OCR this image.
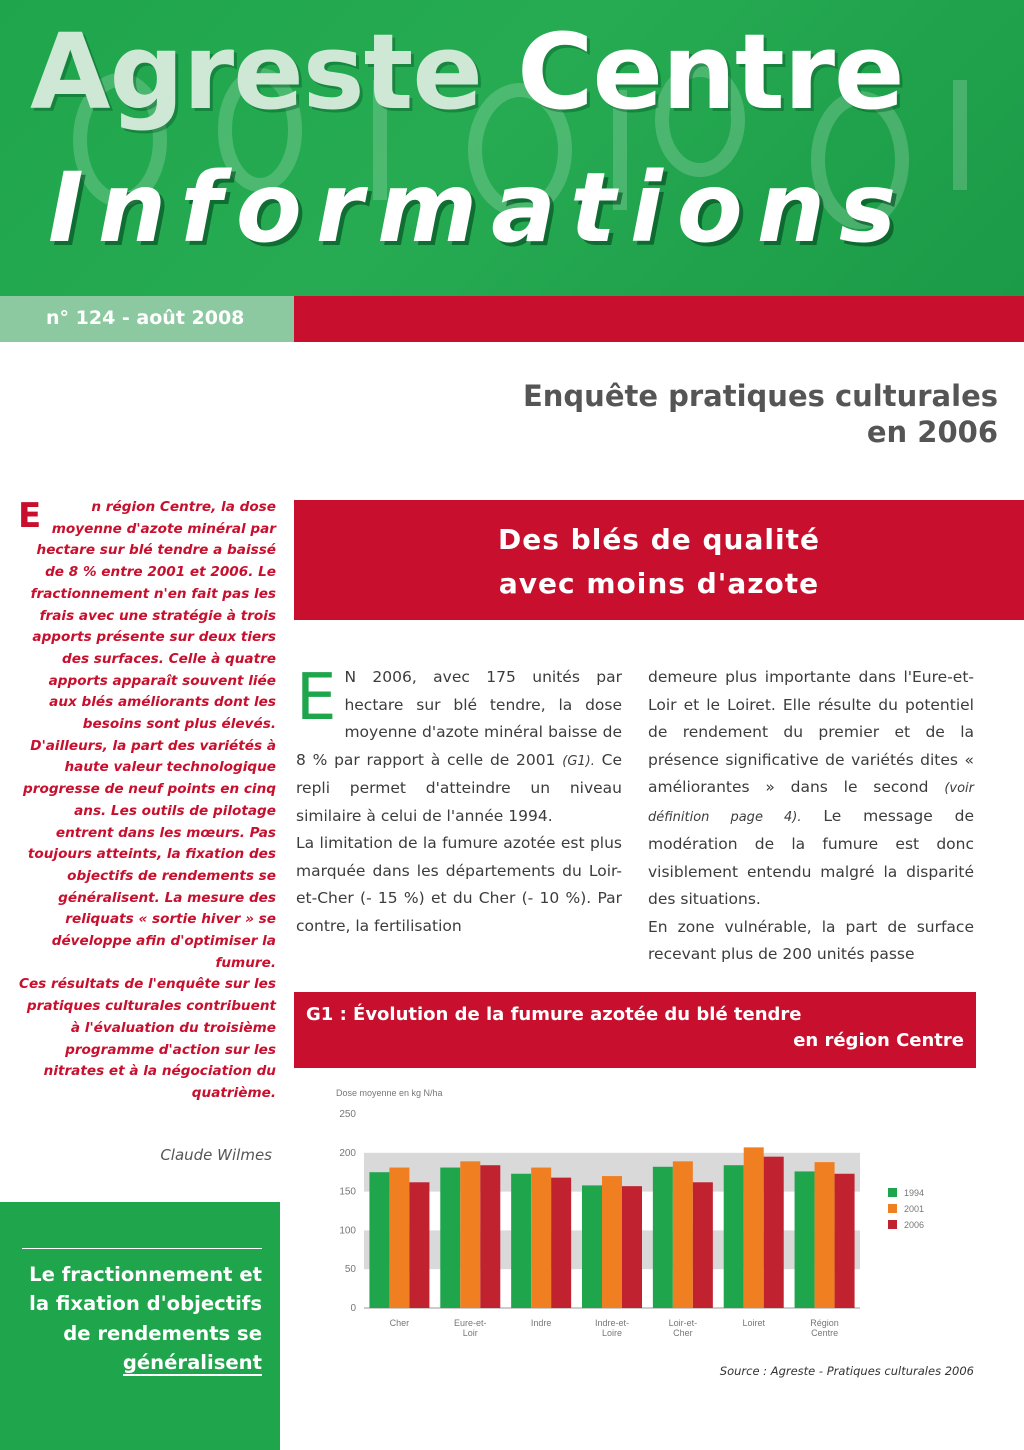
Agreste Centre
Informations
n° 124 - août 2008
Enquête pratiques culturales
en 2006

E	n région Centre, la dose moyenne d'azote minéral par hectare sur blé tendre a baissé de 8 % entre 2001 et 2006. Le fractionnement n'en fait pas les frais avec une stratégie à trois apports présente sur deux tiers des surfaces. Celle à quatre apports apparaît souvent liée aux blés améliorants dont les besoins sont plus élevés. D'ailleurs, la part des variétés à haute valeur technologique progresse de neuf points en cinq ans. Les outils de pilotage entrent dans les mœurs. Pas toujours atteints, la fixation des objectifs de rendements se généralisent. La mesure des reliquats « sortie hiver » se développe afin d'optimiser la fumure.

Ces résultats de l'enquête sur les pratiques culturales contribuent à l'évaluation du troisième programme d'action sur les nitrates et à la négociation du quatrième.

Claude Wilmes
Le fractionnement et la fixation d'objectifs de rendements se généralisent
Des blés de qualité
avec moins d'azote

E N 2006, avec 175 unités par hectare sur blé tendre, la dose moyenne d'azote minéral baisse de 8 % par rapport à celle de 2001 (G1). Ce repli permet d'atteindre un niveau similaire à celui de l'année 1994.

La limitation de la fumure azotée est plus marquée dans les départements du Loir-et-Cher (- 15 %) et du Cher (- 10 %). Par contre, la fertilisation

demeure plus importante dans l'Eure-et-Loir et le Loiret. Elle résulte du potentiel de rendement du premier et de la présence significative de variétés dites « améliorantes » dans le second (voir définition page 4). Le message de modération de la fumure est donc visiblement entendu malgré la disparité des situations.

En zone vulnérable, la part de surface recevant plus de 200 unités passe

G1 : Évolution de la fumure azotée du blé tendre
en région Centre
Dose moyenne en kg N/ha
0
50
100
150
200
250
Cher	Eure-et-
Loir
Indre	Indre-et-
Loire
Loir-et-
Cher
Loiret	Région
Centre
1994
2001
2006
Source : Agreste - Pratiques culturales 2006
